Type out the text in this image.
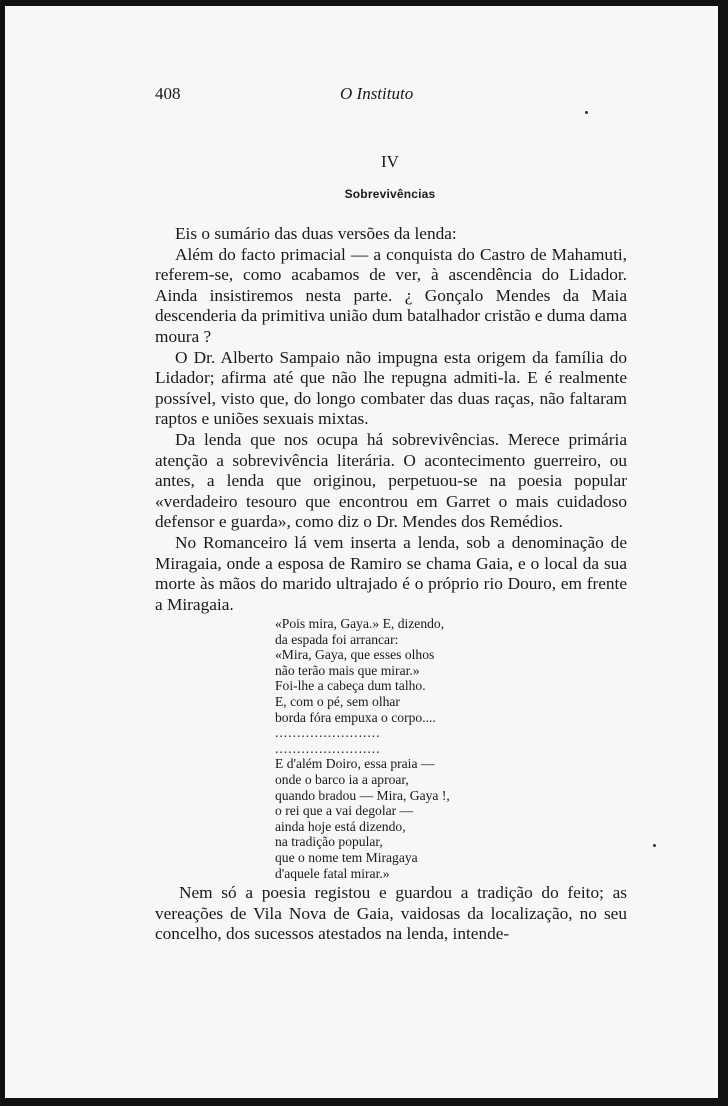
408	O Instituto
IV
Sobrevivências

Eis o sumário das duas versões da lenda:

Além do facto primacial — a conquista do Castro de Mahamuti, referem-se, como acabamos de ver, à ascendência do Lidador. Ainda insistiremos nesta parte. ¿ Gonçalo Mendes da Maia descenderia da primitiva união dum batalhador cristão e duma dama moura ?

O Dr. Alberto Sampaio não impugna esta origem da família do Lidador; afirma até que não lhe repugna admiti-la. E é realmente possível, visto que, do longo combater das duas raças, não faltaram raptos e uniões sexuais mixtas.

Da lenda que nos ocupa há sobrevivências. Merece primária atenção a sobrevivência literária. O acontecimento guerreiro, ou antes, a lenda que originou, perpetuou-se na poesia popular «verdadeiro tesouro que encontrou em Garret o mais cuidadoso defensor e guarda», como diz o Dr. Mendes dos Remédios.

No Romanceiro lá vem inserta a lenda, sob a denominação de Miragaia, onde a esposa de Ramiro se chama Gaia, e o local da sua morte às mãos do marido ultrajado é o próprio rio Douro, em frente a Miragaia.

«Pois mira, Gaya.» E, dizendo,
da espada foi arrancar:
«Mira, Gaya, que esses olhos
não terão mais que mirar.»
Foi-lhe a cabeça dum talho.
E, com o pé, sem olhar
borda fóra empuxa o corpo....
........................
........................
E d'além Doiro, essa praia —
onde o barco ia a aproar,
quando bradou — Mira, Gaya !,
o rei que a vai degolar —
ainda hoje está dizendo,
na tradição popular,
que o nome tem Miragaya
d'aquele fatal mirar.»

Nem só a poesia registou e guardou a tradição do feito; as vereações de Vila Nova de Gaia, vaidosas da localização, no seu concelho, dos sucessos atestados na lenda, intende-
